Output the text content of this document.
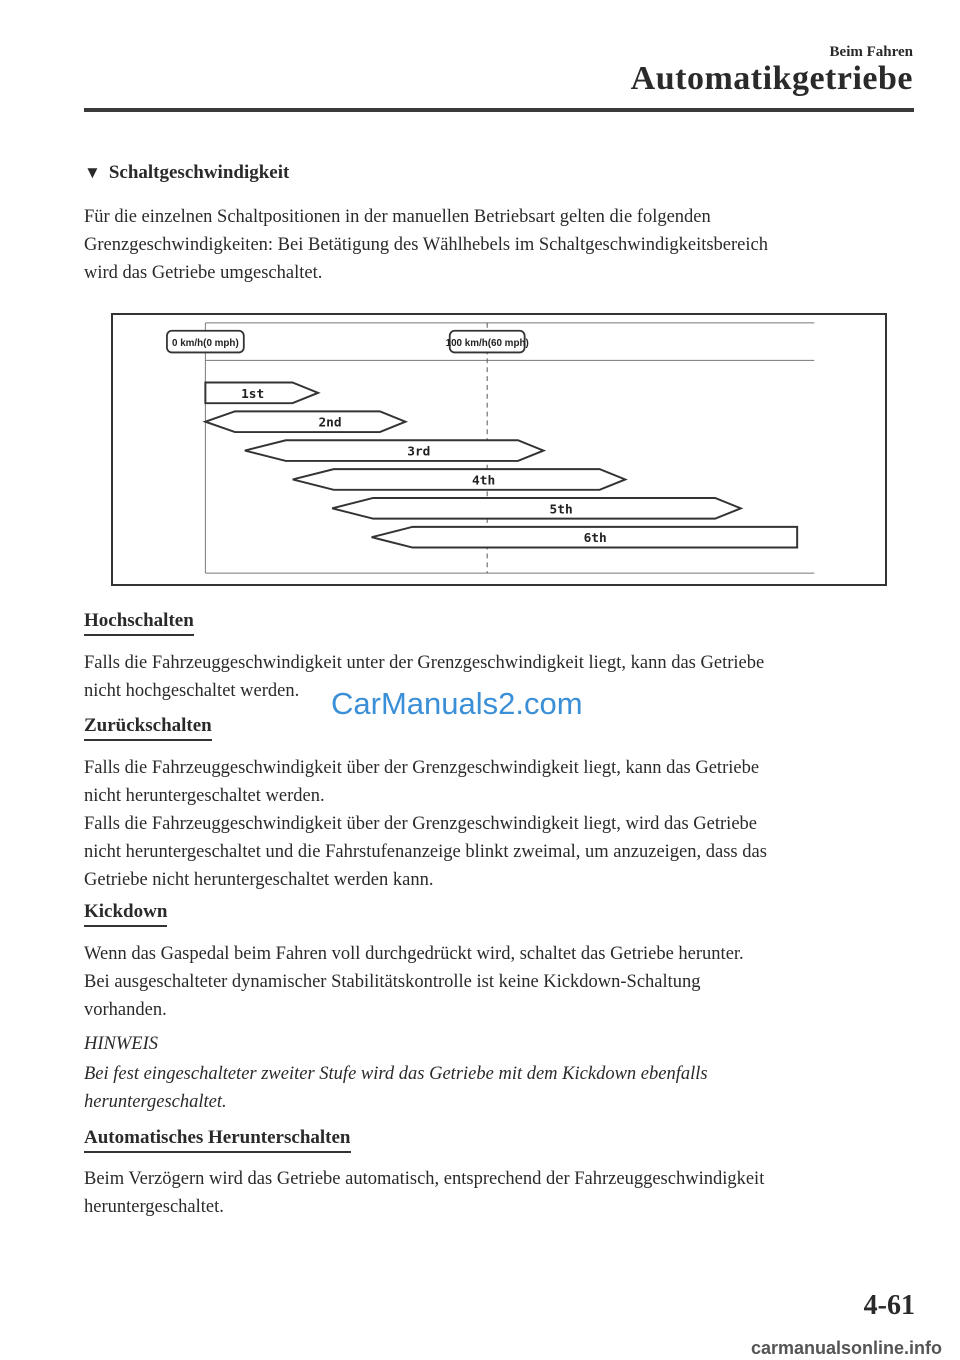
Beim Fahren
Automatikgetriebe
▼ Schaltgeschwindigkeit

Für die einzelnen Schaltpositionen in der manuellen Betriebsart gelten die folgenden

Grenzgeschwindigkeiten: Bei Betätigung des Wählhebels im Schaltgeschwindigkeitsbereich

wird das Getriebe umgeschaltet.

0 km/h(0 mph)	100 km/h(60 mph)
1st
2nd
3rd
4th
5th
6th
Hochschalten

Falls die Fahrzeuggeschwindigkeit unter der Grenzgeschwindigkeit liegt, kann das Getriebe

nicht hochgeschaltet werden.	CarManuals2.com
Zurückschalten

Falls die Fahrzeuggeschwindigkeit über der Grenzgeschwindigkeit liegt, kann das Getriebe

nicht heruntergeschaltet werden.

Falls die Fahrzeuggeschwindigkeit über der Grenzgeschwindigkeit liegt, wird das Getriebe

nicht heruntergeschaltet und die Fahrstufenanzeige blinkt zweimal, um anzuzeigen, dass das

Getriebe nicht heruntergeschaltet werden kann.

Kickdown

Wenn das Gaspedal beim Fahren voll durchgedrückt wird, schaltet das Getriebe herunter.

Bei ausgeschalteter dynamischer Stabilitätskontrolle ist keine Kickdown-Schaltung

vorhanden.

HINWEIS
Bei fest eingeschalteter zweiter Stufe wird das Getriebe mit dem Kickdown ebenfalls
heruntergeschaltet.
Automatisches Herunterschalten

Beim Verzögern wird das Getriebe automatisch, entsprechend der Fahrzeuggeschwindigkeit

heruntergeschaltet.

4-61
carmanualsonline.info
